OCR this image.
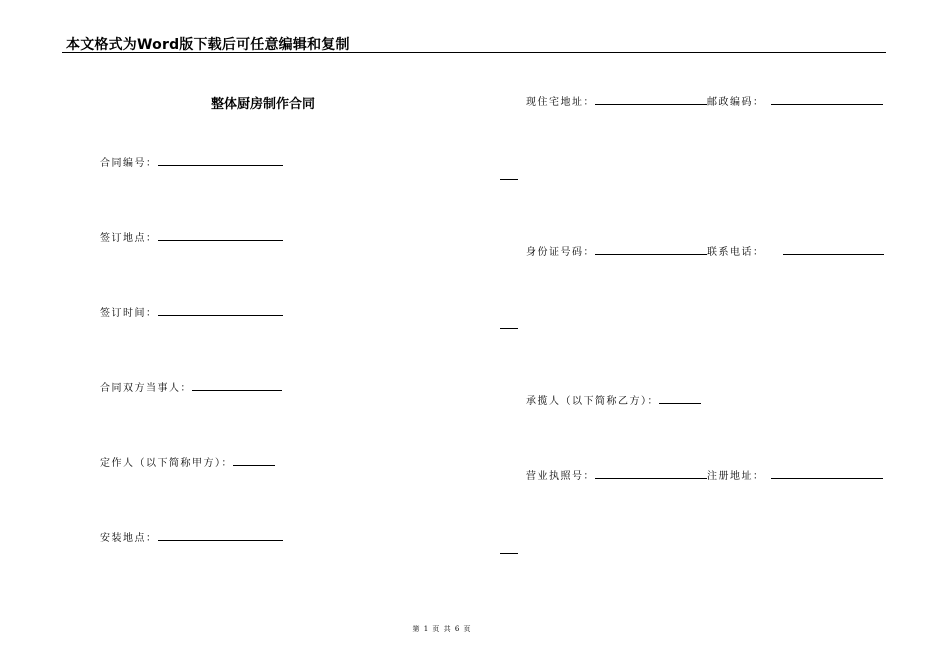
本文格式为Word版下载后可任意编辑和复制
整体厨房制作合同
合同编号：
签订地点：
签订时间：
合同双方当事人：
定作人（以下简称甲方）：
安装地点：
现住宅地址：	邮政编码：
身份证号码：	联系电话：
承揽人（以下简称乙方）：
营业执照号：	注册地址：
第 1 页 共 6 页
